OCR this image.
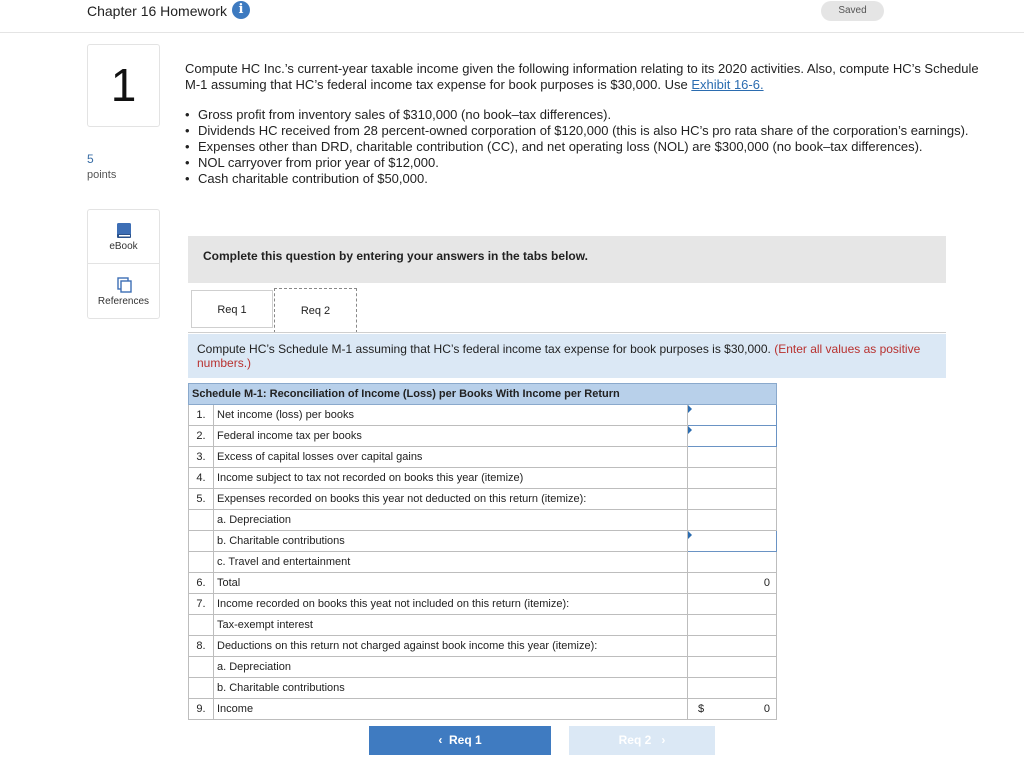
Chapter 16 Homework i	Saved
1
5
points
eBook
References
Compute HC Inc.’s current-year taxable income given the following information relating to its 2020 activities. Also, compute HC’s Schedule M-1 assuming that HC’s federal income tax expense for book purposes is $30,000. Use Exhibit 16-6.
• Gross profit from inventory sales of $310,000 (no book–tax differences).
• Dividends HC received from 28 percent-owned corporation of $120,000 (this is also HC’s pro rata share of the corporation’s earnings).
• Expenses other than DRD, charitable contribution (CC), and net operating loss (NOL) are $300,000 (no book–tax differences).
• NOL carryover from prior year of $12,000.
• Cash charitable contribution of $50,000.
Complete this question by entering your answers in the tabs below.
Req 1	Req 2
Compute HC’s Schedule M-1 assuming that HC’s federal income tax expense for book purposes is $30,000. (Enter all values as positive numbers.)
Schedule M-1: Reconciliation of Income (Loss) per Books With Income per Return		
1.	Net income (loss) per books	

2.	Federal income tax per books	

3.	Excess of capital losses over capital gains	
4.	Income subject to tax not recorded on books this year (itemize)	
5.	Expenses recorded on books this year not deducted on this return (itemize):	
	a. Depreciation	
	b. Charitable contributions	

	c. Travel and entertainment	
6.	Total	0
7.	Income recorded on books this yeat not included on this return (itemize):	
	Tax-exempt interest	
8.	Deductions on this return not charged against book income this year (itemize):	
	a. Depreciation	
	b. Charitable contributions	
9.	Income	$ 0
‹ Req 1	Req 2 ›
